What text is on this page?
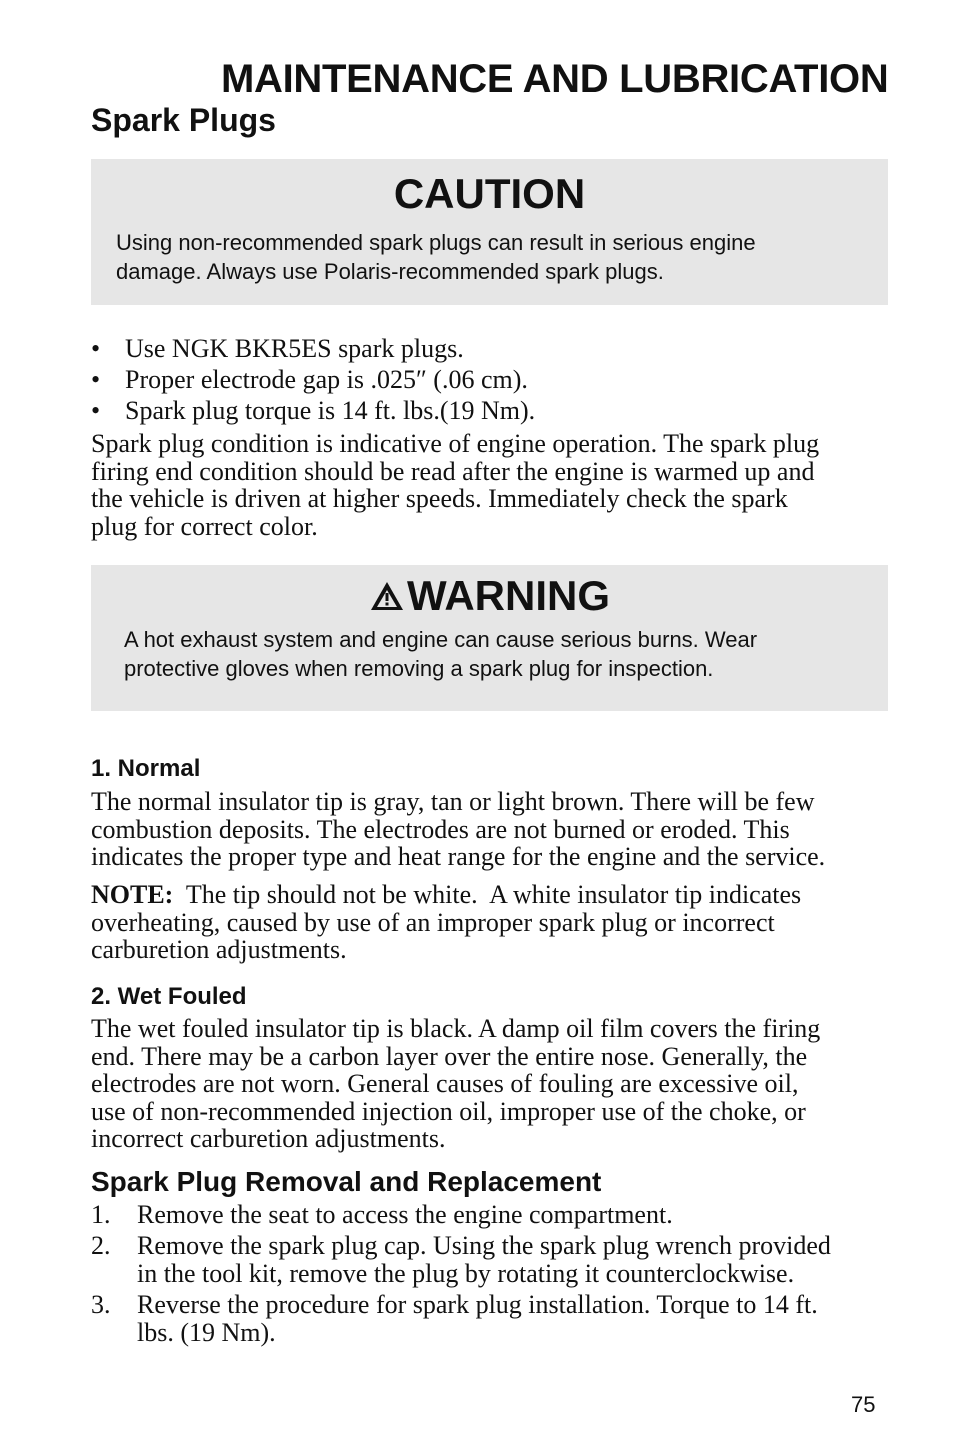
MAINTENANCE AND LUBRICATION
Spark Plugs
CAUTION
Using non-recommended spark plugs can result in serious engine
damage. Always use Polaris-recommended spark plugs.
• Use NGK BKR5ES spark plugs.
• Proper electrode gap is .025″ (.06 cm).
• Spark plug torque is 14 ft. lbs.(19 Nm).
Spark plug condition is indicative of engine operation. The spark plug
firing end condition should be read after the engine is warmed up and
the vehicle is driven at higher speeds. Immediately check the spark
plug for correct color.
WARNING
A hot exhaust system and engine can cause serious burns. Wear
protective gloves when removing a spark plug for inspection.
1. Normal
The normal insulator tip is gray, tan or light brown. There will be few
combustion deposits. The electrodes are not burned or eroded. This
indicates the proper type and heat range for the engine and the service.
NOTE:  The tip should not be white.  A white insulator tip indicates
overheating, caused by use of an improper spark plug or incorrect
carburetion adjustments.
2. Wet Fouled
The wet fouled insulator tip is black. A damp oil film covers the firing
end. There may be a carbon layer over the entire nose. Generally, the
electrodes are not worn. General causes of fouling are excessive oil,
use of non-recommended injection oil, improper use of the choke, or
incorrect carburetion adjustments.
Spark Plug Removal and Replacement
1. Remove the seat to access the engine compartment.
2. Remove the spark plug cap. Using the spark plug wrench provided
in the tool kit, remove the plug by rotating it counterclockwise.
3. Reverse the procedure for spark plug installation. Torque to 14 ft.
lbs. (19 Nm).
75
